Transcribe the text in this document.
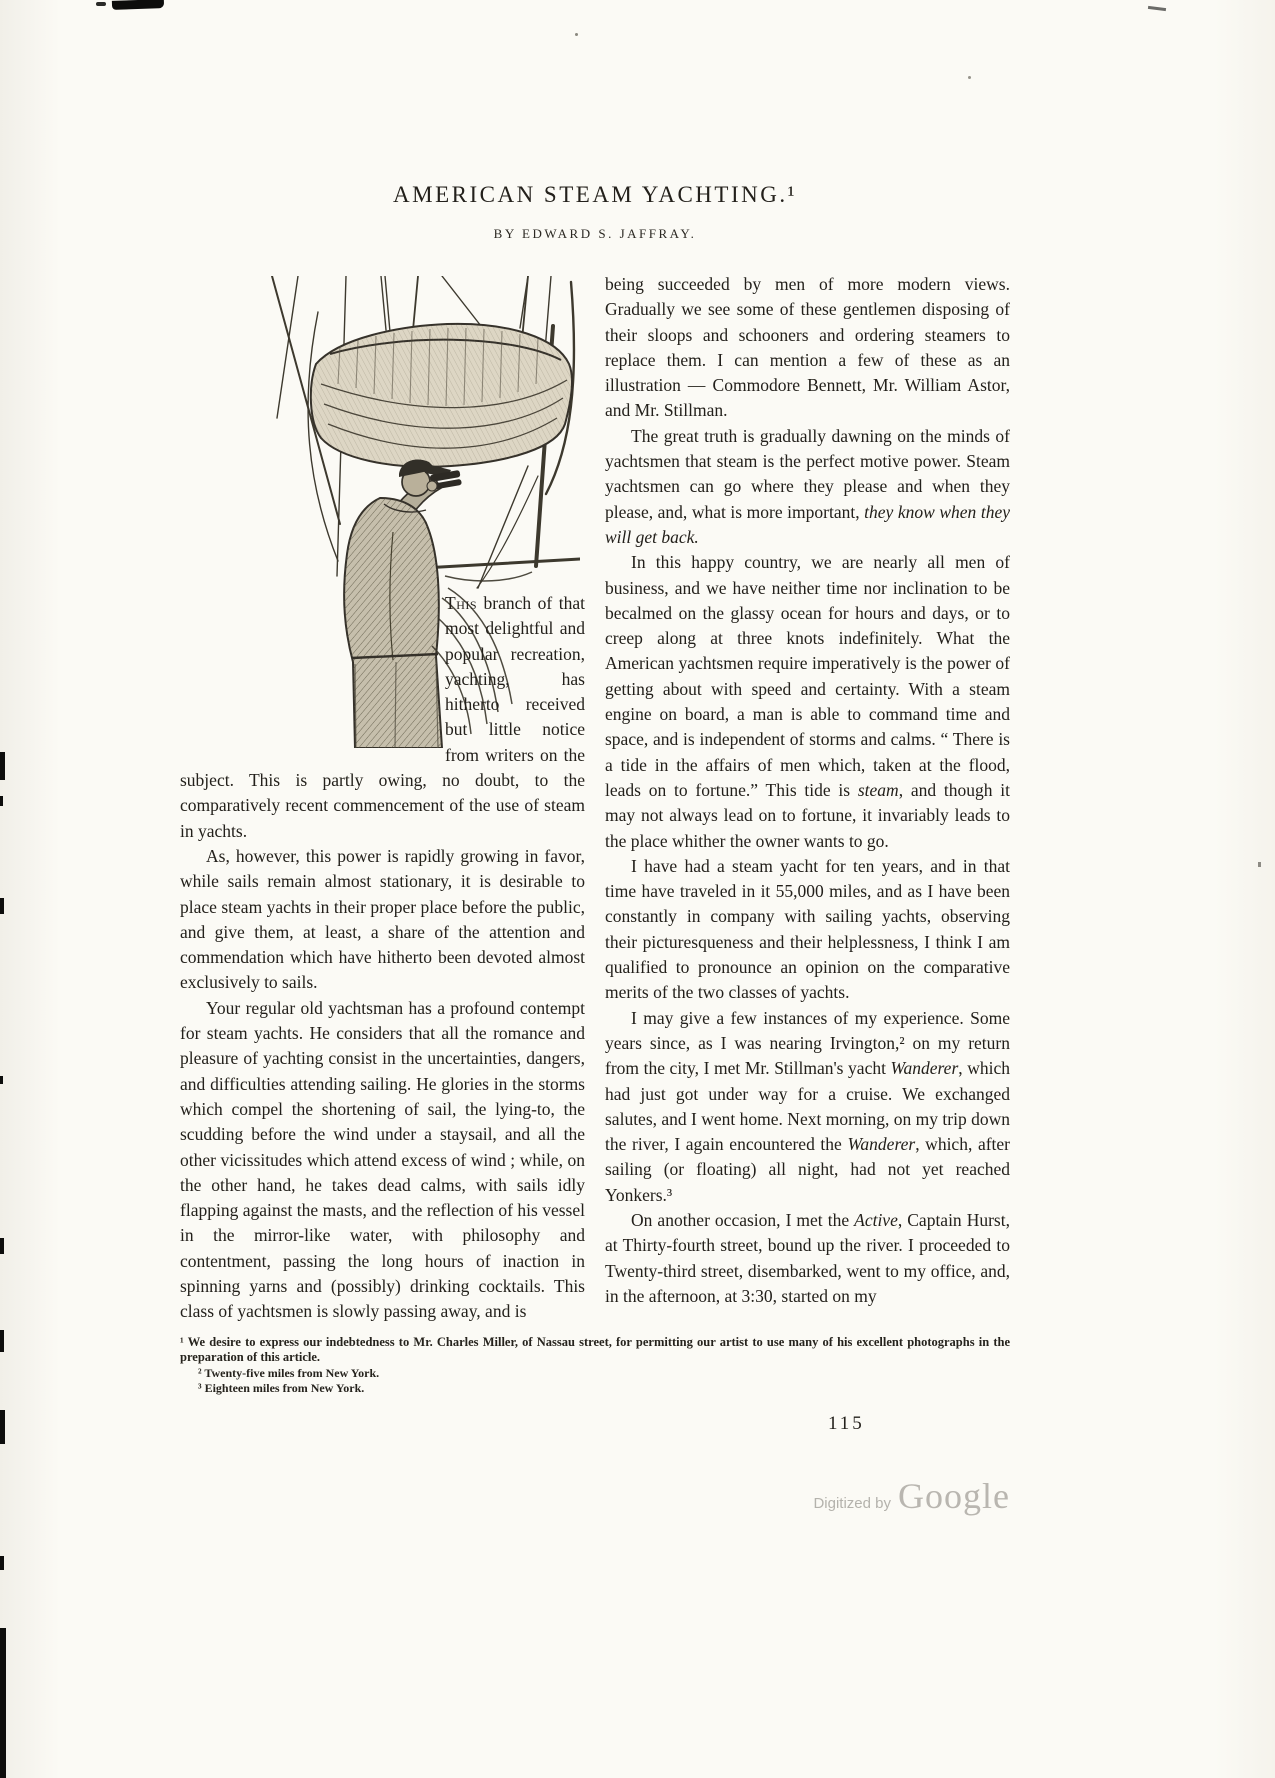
AMERICAN STEAM YACHTING.¹
BY EDWARD S. JAFFRAY.

This branch of that most delightful and popular recreation, yachting, has hitherto received but little notice from writers on the subject. This is partly owing, no doubt, to the comparatively recent commencement of the use of steam in yachts.

As, however, this power is rapidly growing in favor, while sails remain almost stationary, it is desirable to place steam yachts in their proper place before the public, and give them, at least, a share of the attention and commendation which have hitherto been devoted almost exclusively to sails.

Your regular old yachtsman has a profound contempt for steam yachts. He considers that all the romance and pleasure of yachting consist in the uncertainties, dangers, and difficulties attending sailing. He glories in the storms which compel the shortening of sail, the lying-to, the scudding before the wind under a staysail, and all the other vicissitudes which attend excess of wind ; while, on the other hand, he takes dead calms, with sails idly flapping against the masts, and the reflection of his vessel in the mirror-like water, with philosophy and contentment, passing the long hours of inaction in spinning yarns and (possibly) drinking cocktails. This class of yachtsmen is slowly passing away, and is

being succeeded by men of more modern views. Gradually we see some of these gentlemen disposing of their sloops and schooners and ordering steamers to replace them. I can mention a few of these as an illustration — Commodore Bennett, Mr. William Astor, and Mr. Stillman.

The great truth is gradually dawning on the minds of yachtsmen that steam is the perfect motive power. Steam yachtsmen can go where they please and when they please, and, what is more important, they know when they will get back.

In this happy country, we are nearly all men of business, and we have neither time nor inclination to be becalmed on the glassy ocean for hours and days, or to creep along at three knots indefinitely. What the American yachtsmen require imperatively is the power of getting about with speed and certainty. With a steam engine on board, a man is able to command time and space, and is independent of storms and calms. “ There is a tide in the affairs of men which, taken at the flood, leads on to fortune.” This tide is steam, and though it may not always lead on to fortune, it invariably leads to the place whither the owner wants to go.

I have had a steam yacht for ten years, and in that time have traveled in it 55,000 miles, and as I have been constantly in company with sailing yachts, observing their picturesqueness and their helplessness, I think I am qualified to pronounce an opinion on the comparative merits of the two classes of yachts.

I may give a few instances of my experience. Some years since, as I was nearing Irvington,² on my return from the city, I met Mr. Stillman's yacht Wanderer, which had just got under way for a cruise. We exchanged salutes, and I went home. Next morning, on my trip down the river, I again encountered the Wanderer, which, after sailing (or floating) all night, had not yet reached Yonkers.³

On another occasion, I met the Active, Captain Hurst, at Thirty-fourth street, bound up the river. I proceeded to Twenty-third street, disembarked, went to my office, and, in the afternoon, at 3:30, started on my

¹ We desire to express our indebtedness to Mr. Charles Miller, of Nassau street, for permitting our artist to use many of his excellent photographs in the preparation of this article.

² Twenty-five miles from New York.

³ Eighteen miles from New York.

115
Digitized by Google
